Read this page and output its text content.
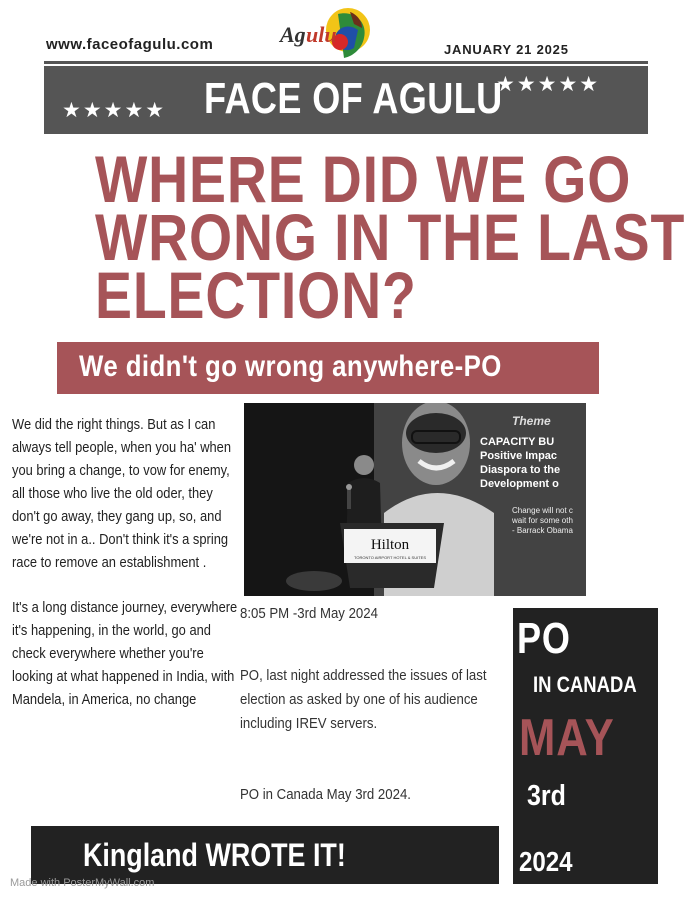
www.faceofagulu.com	Ag ulu
JANUARY 21 2025
★★★★★ FACE OF AGULU
★★★★★
WHERE DID WE GO
WRONG IN THE LAST
ELECTION?
We didn't go wrong anywhere-PO

We did the right things. But as I can always tell people, when you ha' when you bring a change, to vow for enemy, all those who live the old oder, they don't go away, they gang up, so, and we're not in a.. Don't think it's a spring race to remove an establishment .

It's a long distance journey, everywhere it's happening, in the world, go and check everywhere whether you're looking at what happened in India, with Mandela, in America, no change

Theme
CAPACITY BU
Positive Impac
Diaspora to the
Development o
Change will not c
wait for some oth
- Barrack Obama
Hilton
TORONTO AIRPORT HOTEL & SUITES
8:05 PM -3rd May 2024

PO, last night addressed the issues of last election as asked by one of his audience including IREV servers.

PO in Canada May 3rd 2024.
PO
IN CANADA
MAY
3rd
2024
Kingland WROTE IT!
Made with PosterMyWall.com
